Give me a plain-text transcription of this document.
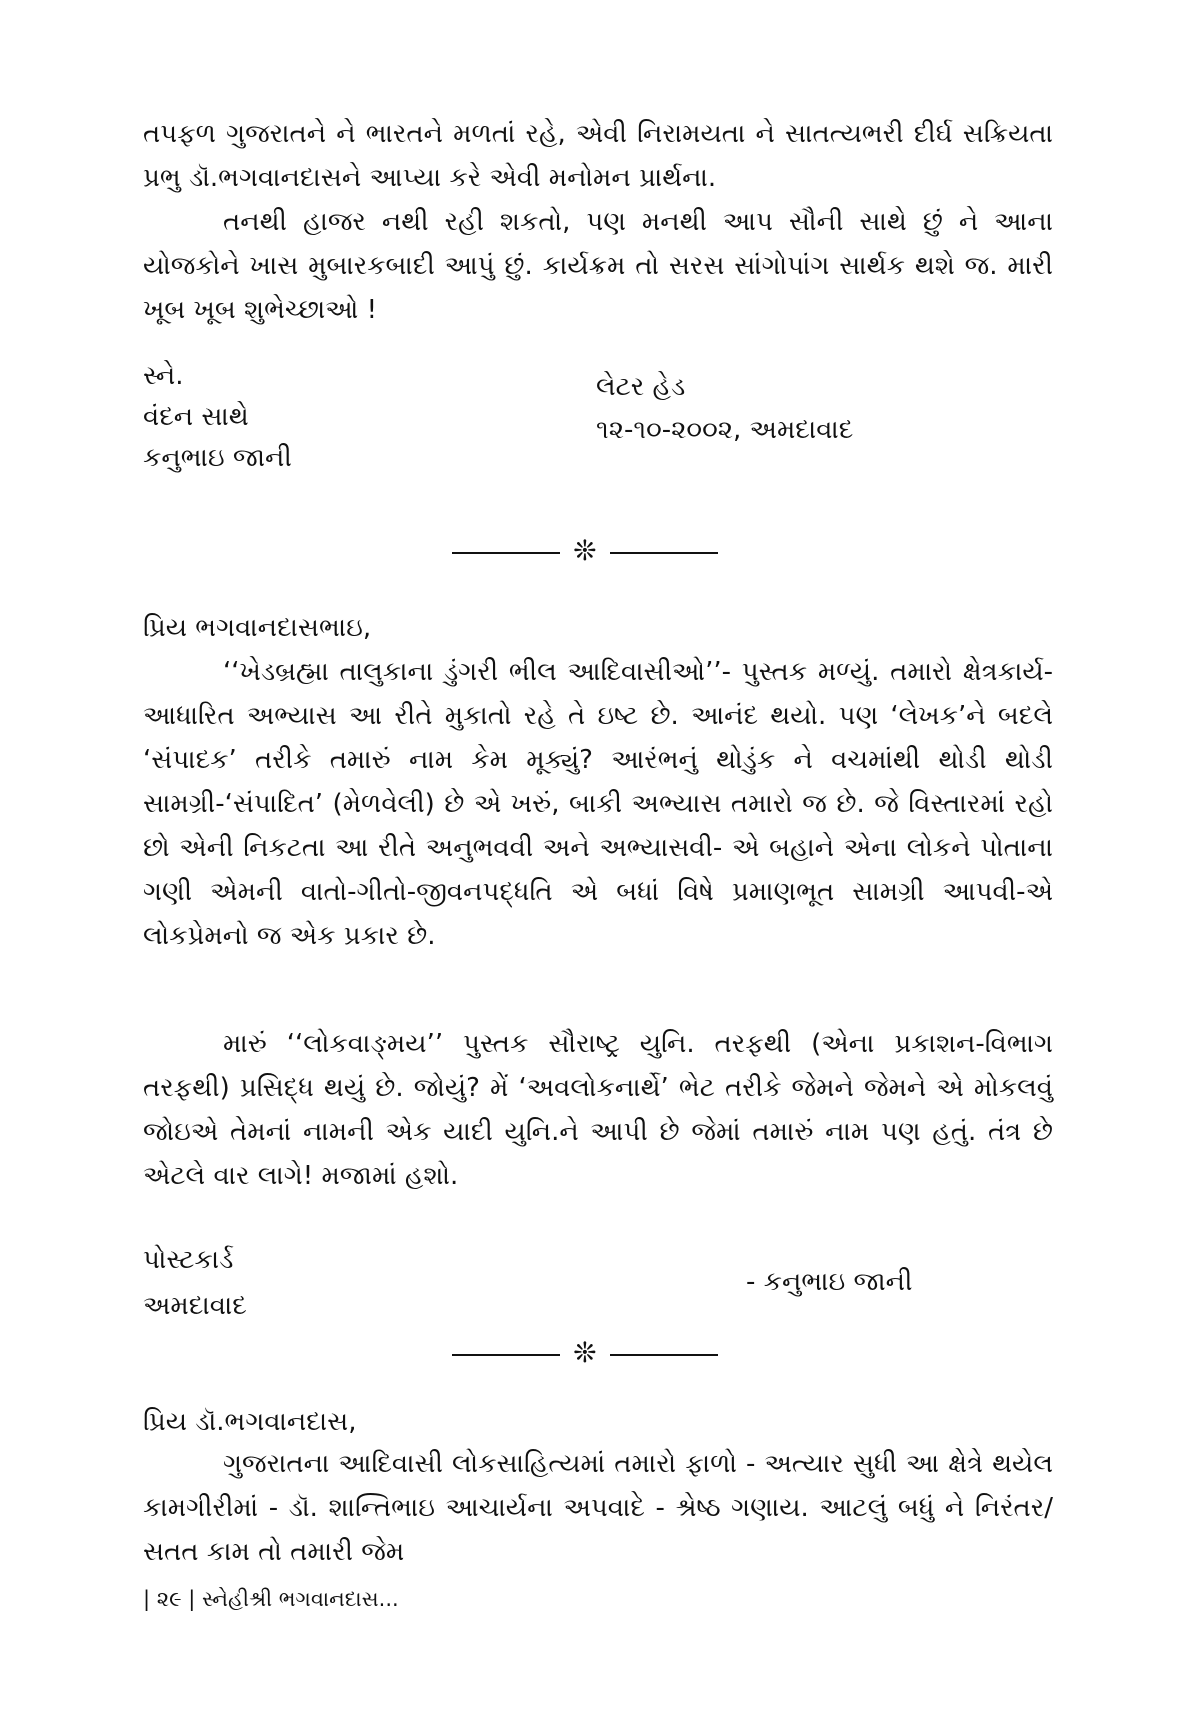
તપફળ ગુજરાતને ને ભારતને મળતાં રહે, એવી નિરામયતા ને સાતત્યભરી દીર્ઘ સક્રિયતા પ્રભુ ડૉ.ભગવાનદાસને આપ્યા કરે એવી મનોમન પ્રાર્થના.

તનથી હાજર નથી રહી શકતો, પણ મનથી આપ સૌની સાથે છું ને આના યોજકોને ખાસ મુબારકબાદી આપું છું. કાર્યક્રમ તો સરસ સાંગોપાંગ સાર્થક થશે જ. મારી ખૂબ ખૂબ શુભેચ્છાઓ !

સ્ને.
વંદન સાથે
કનુભાઇ જાની
લેટર હેડ
૧૨-૧૦-૨૦૦૨, અમદાવાદ
❊
પ્રિય ભગવાનદાસભાઇ,

‘‘ખેડબ્રહ્મા તાલુકાના ડુંગરી ભીલ આદિવાસીઓ’’- પુસ્તક મળ્યું. તમારો ક્ષેત્રકાર્ય-આધારિત અભ્યાસ આ રીતે મુકાતો રહે તે ઇષ્ટ છે. આનંદ થયો. પણ ‘લેખક’ને બદલે ‘સંપાદક’ તરીકે તમારું નામ કેમ મૂક્યું? આરંભનું થોડુંક ને વચમાંથી થોડી થોડી સામગ્રી-‘સંપાદિત’ (મેળવેલી) છે એ ખરું, બાકી અભ્યાસ તમારો જ છે. જે વિસ્તારમાં રહો છો એની નિકટતા આ રીતે અનુભવવી અને અભ્યાસવી- એ બહાને એના લોકને પોતાના ગણી એમની વાતો-ગીતો-જીવનપદ્ધતિ એ બધાં વિષે પ્રમાણભૂત સામગ્રી આપવી-એ લોકપ્રેમનો જ એક પ્રકાર છે.

મારું ‘‘લોકવાઙ્મય’’ પુસ્તક સૌરાષ્ટ્ર યુનિ. તરફથી (એના પ્રકાશન-વિભાગ તરફથી) પ્રસિદ્ધ થયું છે. જોયું? મેં ‘અવલોકનાર્થે’ ભેટ તરીકે જેમને જેમને એ મોકલવું જોઇએ તેમનાં નામની એક યાદી યુનિ.ને આપી છે જેમાં તમારું નામ પણ હતું. તંત્ર છે એટલે વાર લાગે! મજામાં હશો.

પોસ્ટકાર્ડ
અમદાવાદ
- કનુભાઇ જાની
❊
પ્રિય ડૉ.ભગવાનદાસ,

ગુજરાતના આદિવાસી લોકસાહિત્યમાં તમારો ફાળો - અત્યાર સુધી આ ક્ષેત્રે થયેલ કામગીરીમાં - ડૉ. શાન્તિભાઇ આચાર્યના અપવાદે - શ્રેષ્ઠ ગણાય. આટલું બધું ને નિરંતર/સતત કામ તો તમારી જેમ

| ૨૯ | સ્નેહીશ્રી ભગવાનદાસ...
